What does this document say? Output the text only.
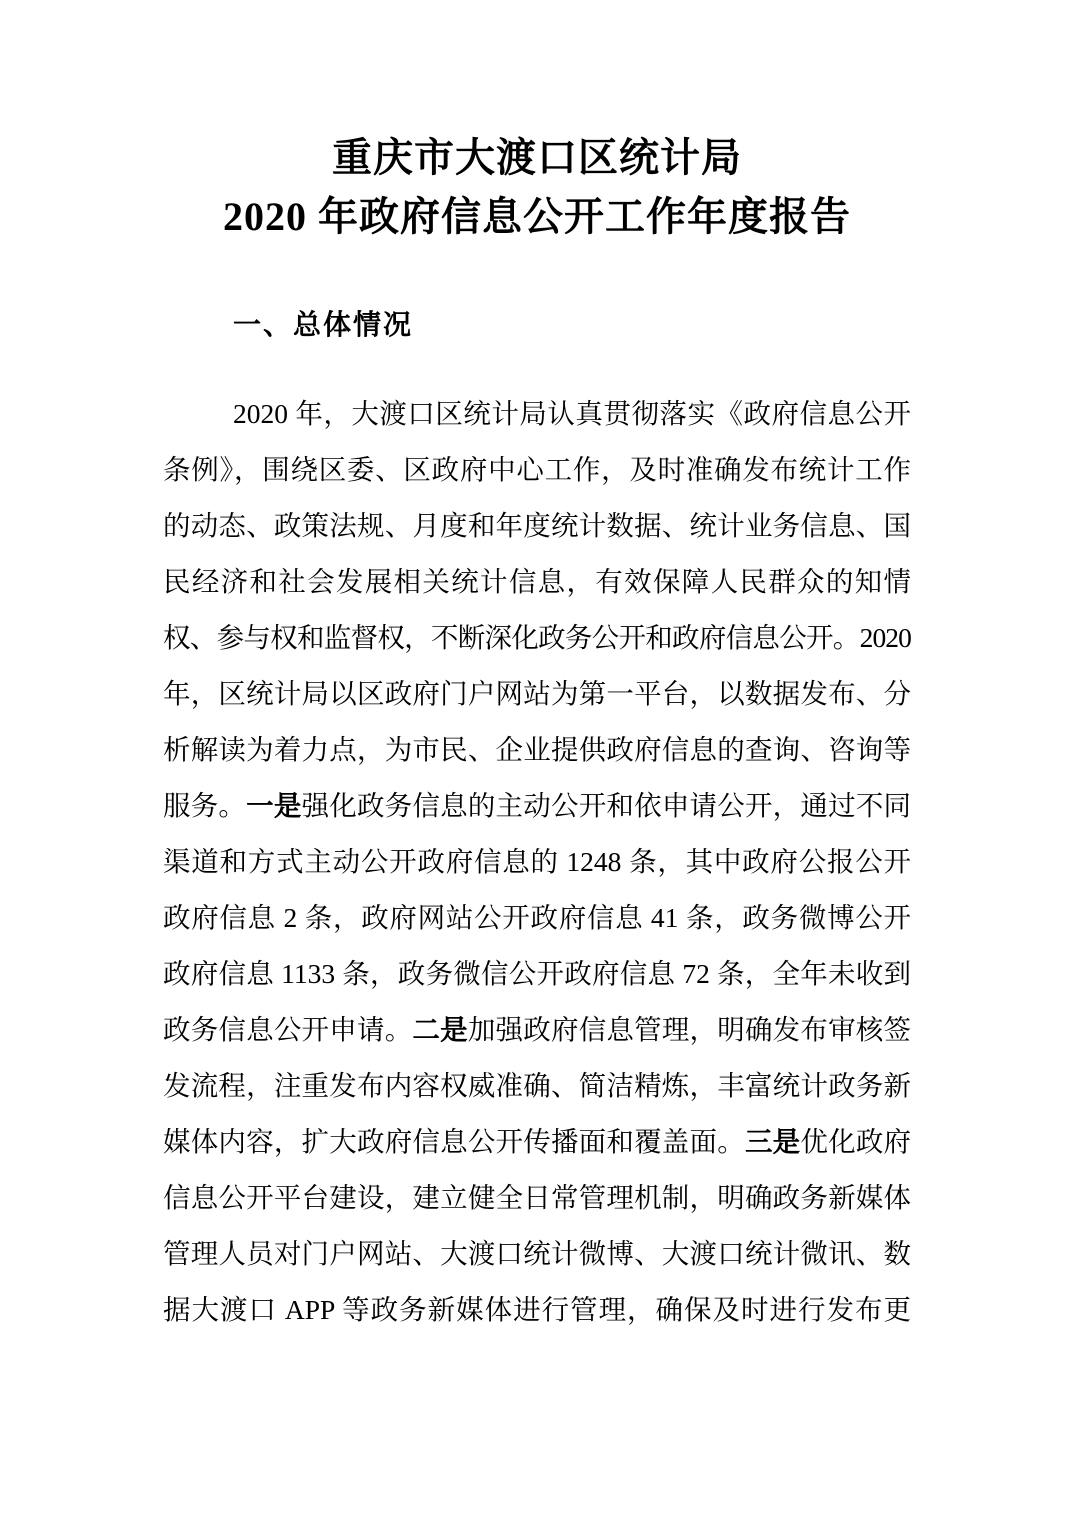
重庆市大渡口区统计局
2020 年政府信息公开工作年度报告
一、总体情况
2020 年，大渡口区统计局认真贯彻落实《政府信息公开
条例》，围绕区委、区政府中心工作，及时准确发布统计工作
的动态、政策法规、月度和年度统计数据、统计业务信息、国
民经济和社会发展相关统计信息，有效保障人民群众的知情
权、参与权和监督权，不断深化政务公开和政府信息公开。2020
年，区统计局以区政府门户网站为第一平台，以数据发布、分
析解读为着力点，为市民、企业提供政府信息的查询、咨询等
服务。一是强化政务信息的主动公开和依申请公开，通过不同
渠道和方式主动公开政府信息的 1248 条，其中政府公报公开
政府信息 2 条，政府网站公开政府信息 41 条，政务微博公开
政府信息 1133 条，政务微信公开政府信息 72 条，全年未收到
政务信息公开申请。二是加强政府信息管理，明确发布审核签
发流程，注重发布内容权威准确、简洁精炼，丰富统计政务新
媒体内容，扩大政府信息公开传播面和覆盖面。三是优化政府
信息公开平台建设，建立健全日常管理机制，明确政务新媒体
管理人员对门户网站、大渡口统计微博、大渡口统计微讯、数
据大渡口 APP 等政务新媒体进行管理，确保及时进行发布更
